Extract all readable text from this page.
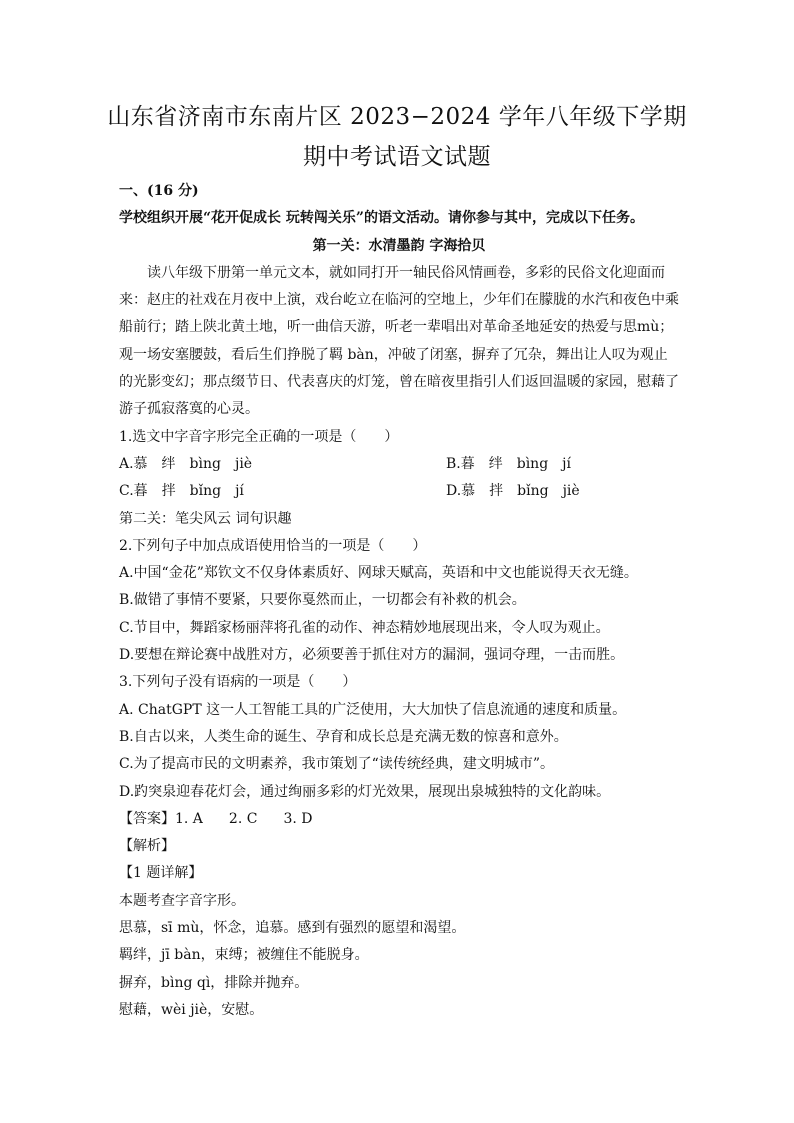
山东省济南市东南片区 2023−2024 学年八年级下学期
期中考试语文试题
一、(16 分)
学校组织开展“花开促成长 玩转闯关乐”的语文活动。请你参与其中，完成以下任务。
第一关：水清墨韵 字海拾贝
读八年级下册第一单元文本，就如同打开一轴民俗风情画卷，多彩的民俗文化迎面而来：赵庄的社戏在月夜中上演，戏台屹立在临河的空地上，少年们在朦胧的水汽和夜色中乘船前行；踏上陕北黄土地，听一曲信天游，听老一辈唱出对革命圣地延安的热爱与思mù；观一场安塞腰鼓，看后生们挣脱了羁 bàn，冲破了闭塞，摒弃了冗杂，舞出让人叹为观止的光影变幻；那点缀节日、代表喜庆的灯笼，曾在暗夜里指引人们返回温暖的家园，慰藉了游子孤寂落寞的心灵。
1.选文中字音字形完全正确的一项是（　　）
A.慕　绊　bìng　jiè	B.暮　绊　bìng　jí
C.暮　拌　bǐng　jí	D.慕　拌　bǐng　jiè
第二关：笔尖风云 词句识趣
2.下列句子中加点成语使用恰当的一项是（　　）
A.中国“金花”郑钦文不仅身体素质好、网球天赋高，英语和中文也能说得天衣无缝。
B.做错了事情不要紧，只要你戛然而止，一切都会有补救的机会。
C.节目中，舞蹈家杨丽萍将孔雀的动作、神态精妙地展现出来，令人叹为观止。
D.要想在辩论赛中战胜对方，必须要善于抓住对方的漏洞，强词夺理，一击而胜。
3.下列句子没有语病的一项是（　　）
A. ChatGPT 这一人工智能工具的广泛使用，大大加快了信息流通的速度和质量。
B.自古以来，人类生命的诞生、孕育和成长总是充满无数的惊喜和意外。
C.为了提高市民的文明素养，我市策划了“读传统经典，建文明城市”。
D.趵突泉迎春花灯会，通过绚丽多彩的灯光效果，展现出泉城独特的文化韵味。
【答案】1. A 2. C 3. D
【解析】
【1 题详解】
本题考查字音字形。
思慕，sī mù，怀念，追慕。感到有强烈的愿望和渴望。
羁绊，jī bàn，束缚；被缠住不能脱身。
摒弃，bìng qì，排除并抛弃。
慰藉，wèi jiè，安慰。
